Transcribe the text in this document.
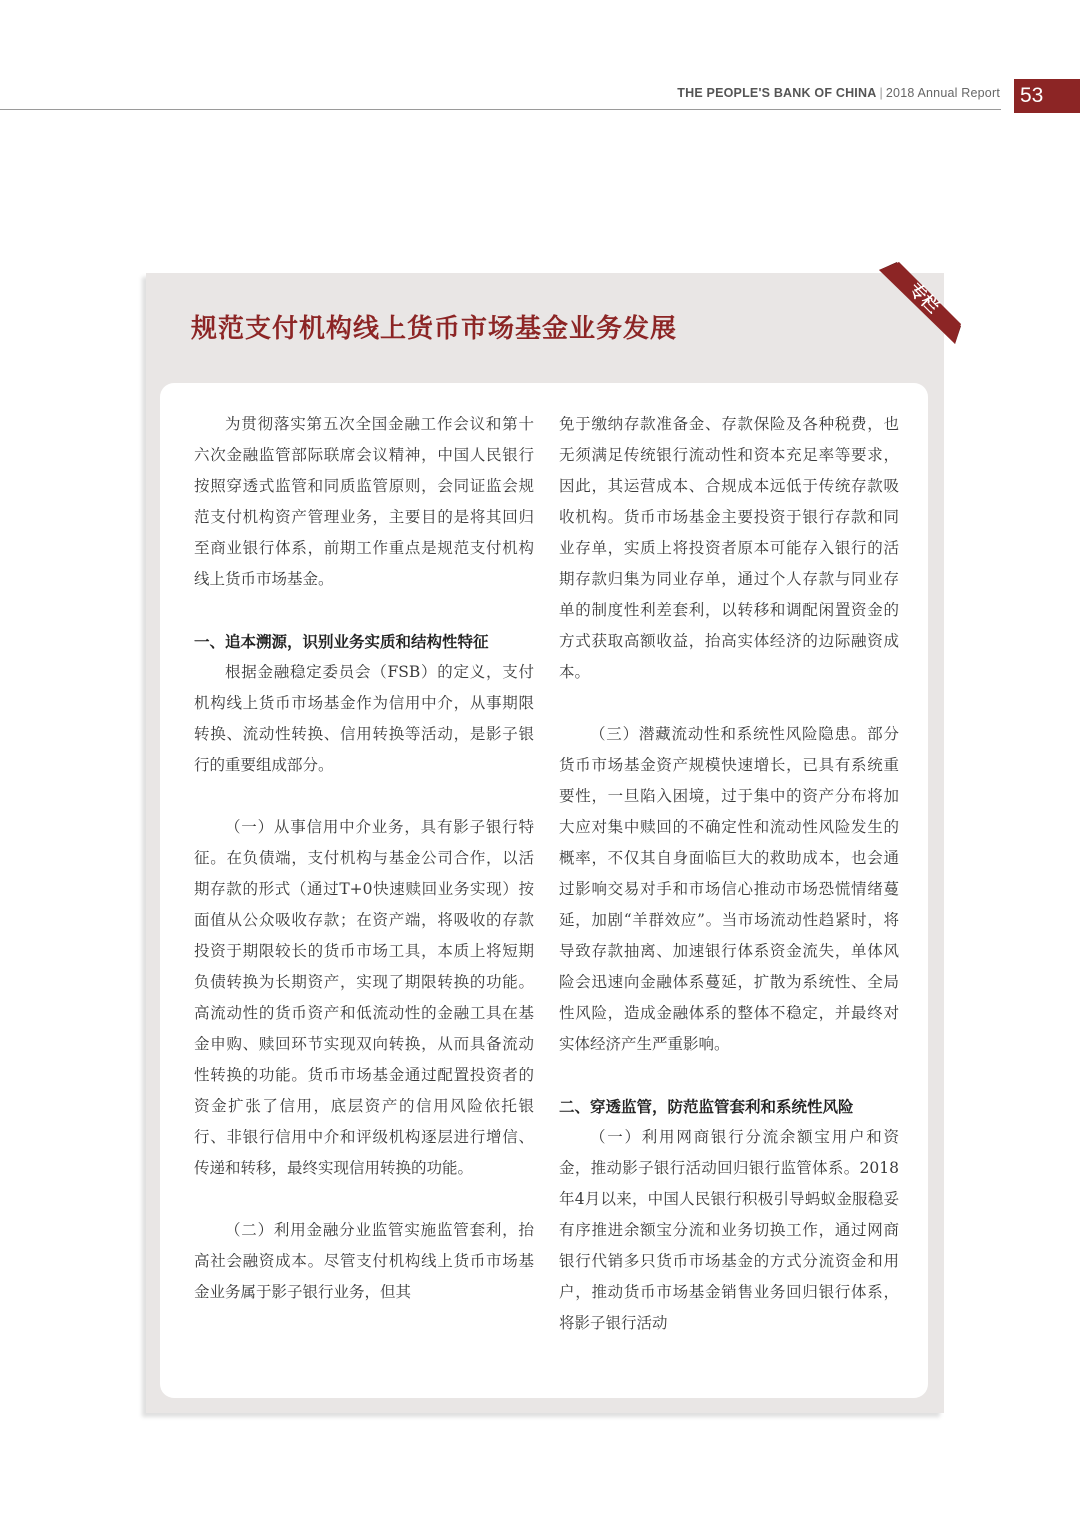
THE PEOPLE'S BANK OF CHINA | 2018 Annual Report 53
规范支付机构线上货币市场基金业务发展
专栏

为贯彻落实第五次全国金融工作会议和第十六次金融监管部际联席会议精神，中国人民银行按照穿透式监管和同质监管原则，会同证监会规范支付机构资产管理业务，主要目的是将其回归至商业银行体系，前期工作重点是规范支付机构线上货币市场基金。

一、追本溯源，识别业务实质和结构性特征

根据金融稳定委员会（FSB）的定义，支付机构线上货币市场基金作为信用中介，从事期限转换、流动性转换、信用转换等活动，是影子银行的重要组成部分。

（一）从事信用中介业务，具有影子银行特征。在负债端，支付机构与基金公司合作，以活期存款的形式（通过T+0快速赎回业务实现）按面值从公众吸收存款；在资产端，将吸收的存款投资于期限较长的货币市场工具，本质上将短期负债转换为长期资产，实现了期限转换的功能。高流动性的货币资产和低流动性的金融工具在基金申购、赎回环节实现双向转换，从而具备流动性转换的功能。货币市场基金通过配置投资者的资金扩张了信用，底层资产的信用风险依托银行、非银行信用中介和评级机构逐层进行增信、传递和转移，最终实现信用转换的功能。

（二）利用金融分业监管实施监管套利，抬高社会融资成本。尽管支付机构线上货币市场基金业务属于影子银行业务，但其

免于缴纳存款准备金、存款保险及各种税费，也无须满足传统银行流动性和资本充足率等要求，因此，其运营成本、合规成本远低于传统存款吸收机构。货币市场基金主要投资于银行存款和同业存单，实质上将投资者原本可能存入银行的活期存款归集为同业存单，通过个人存款与同业存单的制度性利差套利，以转移和调配闲置资金的方式获取高额收益，抬高实体经济的边际融资成本。

（三）潜藏流动性和系统性风险隐患。部分货币市场基金资产规模快速增长，已具有系统重要性，一旦陷入困境，过于集中的资产分布将加大应对集中赎回的不确定性和流动性风险发生的概率，不仅其自身面临巨大的救助成本，也会通过影响交易对手和市场信心推动市场恐慌情绪蔓延，加剧“羊群效应”。当市场流动性趋紧时，将导致存款抽离、加速银行体系资金流失，单体风险会迅速向金融体系蔓延，扩散为系统性、全局性风险，造成金融体系的整体不稳定，并最终对实体经济产生严重影响。

二、穿透监管，防范监管套利和系统性风险

（一）利用网商银行分流余额宝用户和资金，推动影子银行活动回归银行监管体系。2018年4月以来，中国人民银行积极引导蚂蚁金服稳妥有序推进余额宝分流和业务切换工作，通过网商银行代销多只货币市场基金的方式分流资金和用户，推动货币市场基金销售业务回归银行体系，将影子银行活动
